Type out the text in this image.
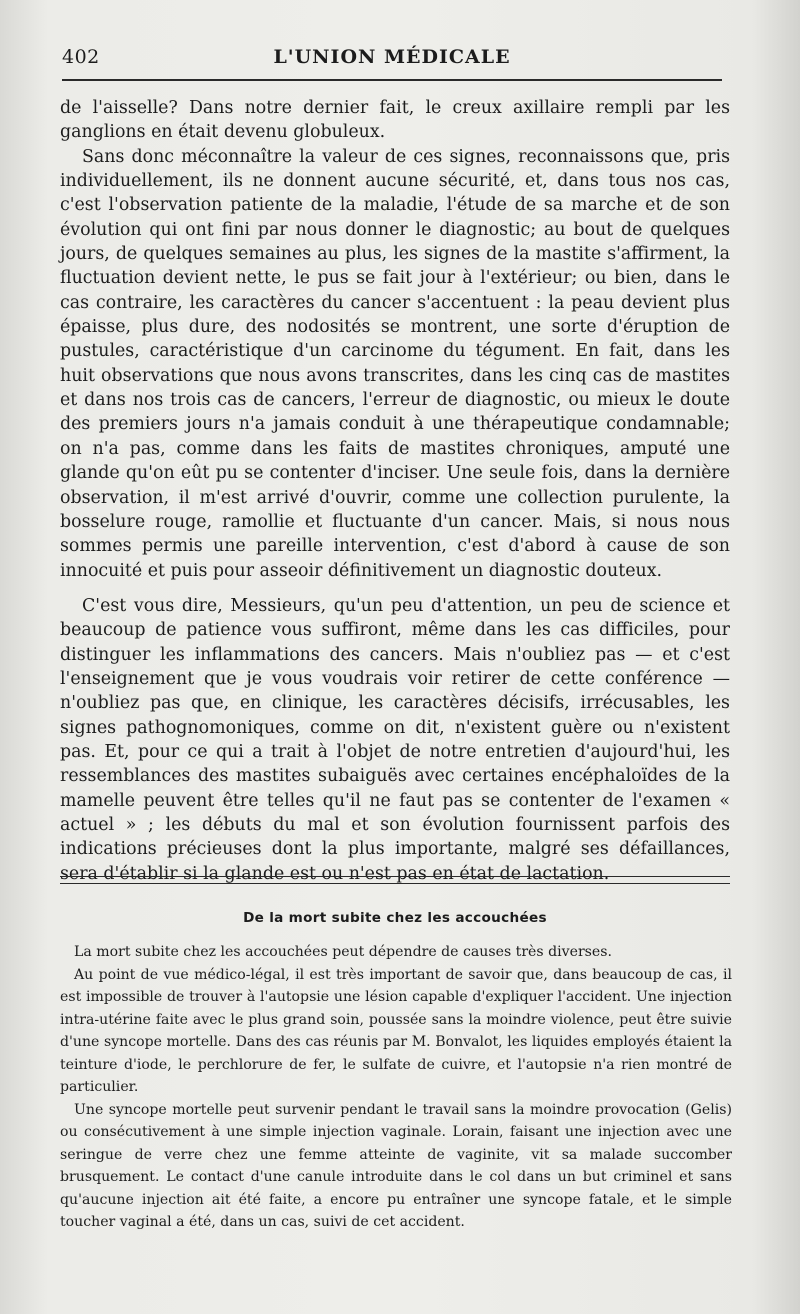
402	L'UNION MÉDICALE

de l'aisselle? Dans notre dernier fait, le creux axillaire rempli par les ganglions en était devenu globuleux.

Sans donc méconnaître la valeur de ces signes, reconnaissons que, pris individuellement, ils ne donnent aucune sécurité, et, dans tous nos cas, c'est l'observation patiente de la maladie, l'étude de sa marche et de son évolution qui ont fini par nous donner le diagnostic; au bout de quelques jours, de quelques semaines au plus, les signes de la mastite s'affirment, la fluctuation devient nette, le pus se fait jour à l'extérieur; ou bien, dans le cas contraire, les caractères du cancer s'accentuent : la peau devient plus épaisse, plus dure, des nodosités se montrent, une sorte d'éruption de pustules, caractéristique d'un carcinome du tégument. En fait, dans les huit observations que nous avons transcrites, dans les cinq cas de mastites et dans nos trois cas de cancers, l'erreur de diagnostic, ou mieux le doute des premiers jours n'a jamais conduit à une thérapeutique condamnable; on n'a pas, comme dans les faits de mastites chroniques, amputé une glande qu'on eût pu se contenter d'inciser. Une seule fois, dans la dernière observation, il m'est arrivé d'ouvrir, comme une collection purulente, la bosselure rouge, ramollie et fluctuante d'un cancer. Mais, si nous nous sommes permis une pareille intervention, c'est d'abord à cause de son innocuité et puis pour asseoir définitivement un diagnostic douteux.

C'est vous dire, Messieurs, qu'un peu d'attention, un peu de science et beaucoup de patience vous suffiront, même dans les cas difficiles, pour distinguer les inflammations des cancers. Mais n'oubliez pas — et c'est l'enseignement que je vous voudrais voir retirer de cette conférence — n'oubliez pas que, en clinique, les caractères décisifs, irrécusables, les signes pathognomoniques, comme on dit, n'existent guère ou n'existent pas. Et, pour ce qui a trait à l'objet de notre entretien d'aujourd'hui, les ressemblances des mastites subaiguës avec certaines encéphaloïdes de la mamelle peuvent être telles qu'il ne faut pas se contenter de l'examen « actuel » ; les débuts du mal et son évolution fournissent parfois des indications précieuses dont la plus importante, malgré ses défaillances, sera d'établir si la glande est ou n'est pas en état de lactation.

De la mort subite chez les accouchées

La mort subite chez les accouchées peut dépendre de causes très diverses.

Au point de vue médico-légal, il est très important de savoir que, dans beaucoup de cas, il est impossible de trouver à l'autopsie une lésion capable d'expliquer l'accident. Une injection intra-utérine faite avec le plus grand soin, poussée sans la moindre violence, peut être suivie d'une syncope mortelle. Dans des cas réunis par M. Bonvalot, les liquides employés étaient la teinture d'iode, le perchlorure de fer, le sulfate de cuivre, et l'autopsie n'a rien montré de particulier.

Une syncope mortelle peut survenir pendant le travail sans la moindre provocation (Gelis) ou consécutivement à une simple injection vaginale. Lorain, faisant une injection avec une seringue de verre chez une femme atteinte de vaginite, vit sa malade succomber brusquement. Le contact d'une canule introduite dans le col dans un but criminel et sans qu'aucune injection ait été faite, a encore pu entraîner une syncope fatale, et le simple toucher vaginal a été, dans un cas, suivi de cet accident.
